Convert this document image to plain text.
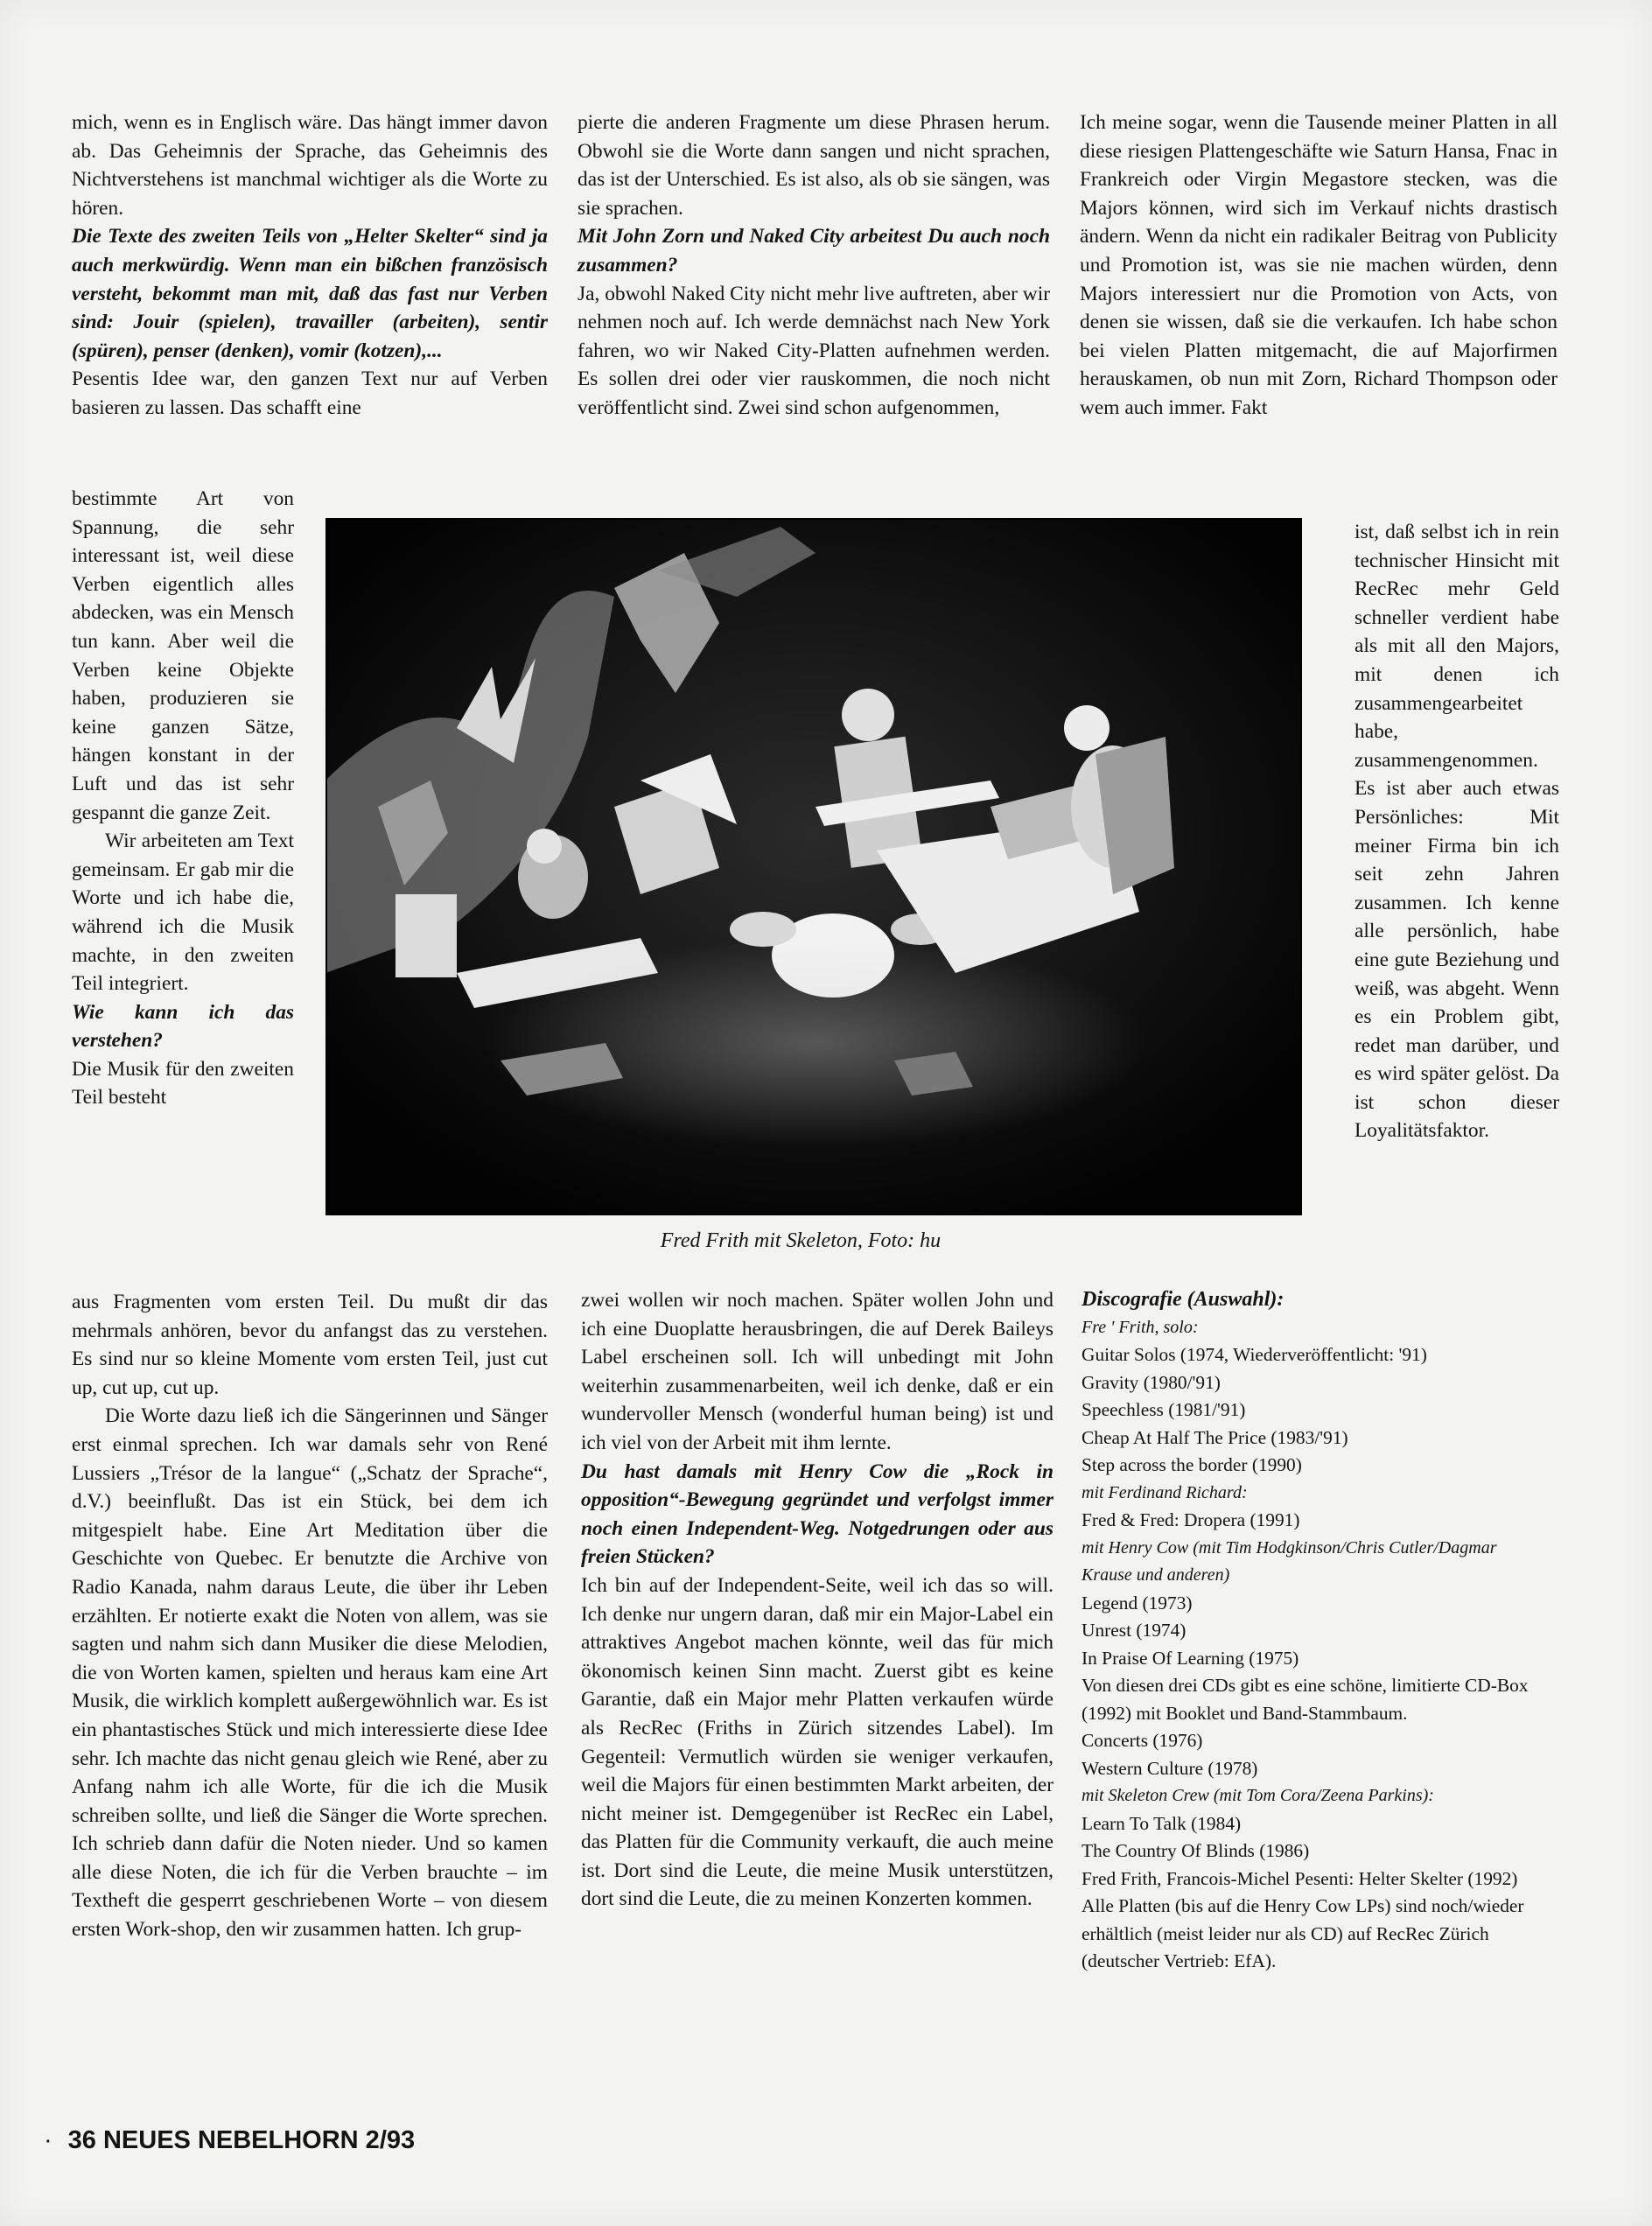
mich, wenn es in Englisch wäre. Das hängt immer davon ab. Das Geheimnis der Sprache, das Geheimnis des Nichtverstehens ist manchmal wichtiger als die Worte zu hören.

Die Texte des zweiten Teils von „Helter Skelter“ sind ja auch merkwürdig. Wenn man ein bißchen französisch versteht, bekommt man mit, daß das fast nur Verben sind: Jouir (spielen), travailler (arbeiten), sentir (spüren), penser (denken), vomir (kotzen),...

Pesentis Idee war, den ganzen Text nur auf Verben basieren zu lassen. Das schafft eine

bestimmte Art von Spannung, die sehr interessant ist, weil diese Verben eigentlich alles abdecken, was ein Mensch tun kann. Aber weil die Verben keine Objekte haben, produzieren sie keine ganzen Sätze, hängen konstant in der Luft und das ist sehr gespannt die ganze Zeit.

Wir arbeiteten am Text gemeinsam. Er gab mir die Worte und ich habe die, während ich die Musik machte, in den zweiten Teil integriert.

Wie kann ich das verstehen?

Die Musik für den zweiten Teil besteht

aus Fragmenten vom ersten Teil. Du mußt dir das mehrmals anhören, bevor du anfangst das zu verstehen. Es sind nur so kleine Momente vom ersten Teil, just cut up, cut up, cut up.

Die Worte dazu ließ ich die Sängerinnen und Sänger erst einmal sprechen. Ich war damals sehr von René Lussiers „Trésor de la langue“ („Schatz der Sprache“, d.V.) beeinflußt. Das ist ein Stück, bei dem ich mitgespielt habe. Eine Art Meditation über die Geschichte von Quebec. Er benutzte die Archive von Radio Kanada, nahm daraus Leute, die über ihr Leben erzählten. Er notierte exakt die Noten von allem, was sie sagten und nahm sich dann Musiker die diese Melodien, die von Worten kamen, spielten und heraus kam eine Art Musik, die wirklich komplett außergewöhnlich war. Es ist ein phantastisches Stück und mich interessierte diese Idee sehr. Ich machte das nicht genau gleich wie René, aber zu Anfang nahm ich alle Worte, für die ich die Musik schreiben sollte, und ließ die Sänger die Worte sprechen. Ich schrieb dann dafür die Noten nieder. Und so kamen alle diese Noten, die ich für die Verben brauchte – im Textheft die gesperrt geschriebenen Worte – von diesem ersten Work-shop, den wir zusammen hatten. Ich grup-

pierte die anderen Fragmente um diese Phrasen herum. Obwohl sie die Worte dann sangen und nicht sprachen, das ist der Unterschied. Es ist also, als ob sie sängen, was sie sprachen.

Mit John Zorn und Naked City arbeitest Du auch noch zusammen?

Ja, obwohl Naked City nicht mehr live auftreten, aber wir nehmen noch auf. Ich werde demnächst nach New York fahren, wo wir Naked City-Platten aufnehmen werden. Es sollen drei oder vier rauskommen, die noch nicht veröffentlicht sind. Zwei sind schon aufgenommen,

zwei wollen wir noch machen. Später wollen John und ich eine Duoplatte herausbringen, die auf Derek Baileys Label erscheinen soll. Ich will unbedingt mit John weiterhin zusammenarbeiten, weil ich denke, daß er ein wundervoller Mensch (wonderful human being) ist und ich viel von der Arbeit mit ihm lernte.

Du hast damals mit Henry Cow die „Rock in opposition“-Bewegung gegründet und verfolgst immer noch einen Independent-Weg. Notgedrungen oder aus freien Stücken?

Ich bin auf der Independent-Seite, weil ich das so will. Ich denke nur ungern daran, daß mir ein Major-Label ein attraktives Angebot machen könnte, weil das für mich ökonomisch keinen Sinn macht. Zuerst gibt es keine Garantie, daß ein Major mehr Platten verkaufen würde als RecRec (Friths in Zürich sitzendes Label). Im Gegenteil: Vermutlich würden sie weniger verkaufen, weil die Majors für einen bestimmten Markt arbeiten, der nicht meiner ist. Demgegenüber ist RecRec ein Label, das Platten für die Community verkauft, die auch meine ist. Dort sind die Leute, die meine Musik unterstützen, dort sind die Leute, die zu meinen Konzerten kommen.

Ich meine sogar, wenn die Tausende meiner Platten in all diese riesigen Plattengeschäfte wie Saturn Hansa, Fnac in Frankreich oder Virgin Megastore stecken, was die Majors können, wird sich im Verkauf nichts drastisch ändern. Wenn da nicht ein radikaler Beitrag von Publicity und Promotion ist, was sie nie machen würden, denn Majors interessiert nur die Promotion von Acts, von denen sie wissen, daß sie die verkaufen. Ich habe schon bei vielen Platten mitgemacht, die auf Majorfirmen herauskamen, ob nun mit Zorn, Richard Thompson oder wem auch immer. Fakt

ist, daß selbst ich in rein technischer Hinsicht mit RecRec mehr Geld schneller verdient habe als mit all den Majors, mit denen ich zusammengearbeitet habe, zusammengenommen. Es ist aber auch etwas Persönliches: Mit meiner Firma bin ich seit zehn Jahren zusammen. Ich kenne alle persönlich, habe eine gute Beziehung und weiß, was abgeht. Wenn es ein Problem gibt, redet man darüber, und es wird später gelöst. Da ist schon dieser Loyalitätsfaktor.

Fred Frith mit Skeleton, Foto: hu

Discografie (Auswahl):
Fre ' Frith, solo:
Guitar Solos (1974, Wiederveröffentlicht: '91)
Gravity (1980/'91)
Speechless (1981/'91)
Cheap At Half The Price (1983/'91)
Step across the border (1990)
mit Ferdinand Richard:
Fred & Fred: Dropera (1991)
mit Henry Cow (mit Tim Hodgkinson/Chris Cutler/Dagmar Krause und anderen)
Legend (1973)
Unrest (1974)
In Praise Of Learning (1975)
Von diesen drei CDs gibt es eine schöne, limitierte CD-Box (1992) mit Booklet und Band-Stammbaum.
Concerts (1976)
Western Culture (1978)
mit Skeleton Crew (mit Tom Cora/Zeena Parkins):
Learn To Talk (1984)
The Country Of Blinds (1986)
Fred Frith, Francois-Michel Pesenti: Helter Skelter (1992)
Alle Platten (bis auf die Henry Cow LPs) sind noch/wieder erhältlich (meist leider nur als CD) auf RecRec Zürich (deutscher Vertrieb: EfA).

· 36 NEUES NEBELHORN 2/93
